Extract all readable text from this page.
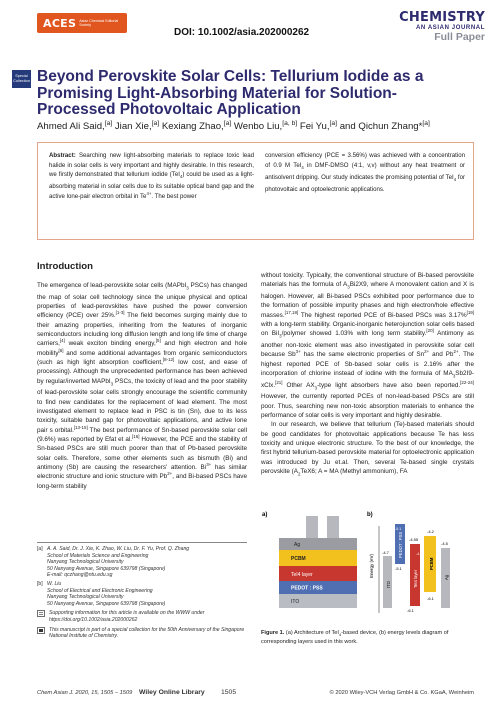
ACES Asian Chemical Editorial Society
DOI: 10.1002/asia.202000262
CHEMISTRY
AN ASIAN JOURNAL
Full Paper
Special Collection Beyond Perovskite Solar Cells: Tellurium Iodide as a Promising Light-Absorbing Material for Solution-Processed Photovoltaic Application
Ahmed Ali Said,[a] Jian Xie,[a] Kexiang Zhao,[a] Wenbo Liu,[a, b] Fei Yu,[a] and Qichun Zhang*[a]
Abstract: Searching new light-absorbing materials to replace toxic lead halide in solar cells is very important and highly desirable. In this research, we firstly demonstrated that tellurium iodide (TeI$_4$) could be used as a light-absorbing material in solar cells due to its suitable optical band gap and the active lone-pair electron orbital in $Te^{4+}$. The best power
conversion efficiency (PCE = 3.56%) was achieved with a concentration of 0.9 M TeI$_4$ in DMF-DMSO (4:1, v,v) without any heat treatment or antisolvent dripping. Our study indicates the promising potential of TeI$_4$ for photovoltaic and optoelectronic applications.
Introduction
The emergence of lead-perovskite solar cells (MAPbI$_3$ PSCs) has changed the map of solar cell technology since the unique physical and optical properties of lead-perovskites have pushed the power conversion efficiency (PCE) over 25%.[1-3] The field becomes surging mainly due to their amazing properties, inheriting from the features of inorganic semiconductors including long diffusion length and long life time of charge carriers,[4] weak exciton binding energy,[5] and high electron and hole mobility[6] and some additional advantages from organic semiconductors (such as high light absorption coefficient,[8-12] low cost, and ease of processing). Although the unprecedented performance has been achieved by regular/inverted MAPbI$_3$ PSCs, the toxicity of lead and the poor stability of lead-perovskite solar cells strongly encourage the scientific community to find new candidates for the replacement of lead element. The most investigated element to replace lead in PSC is tin (Sn), due to its less toxicity, suitable band gap for photovoltaic applications, and active lone pair s orbital.[13-15] The best performance of Sn-based perovskite solar cell (9.6%) was reported by Efat et al.[16] However, the PCE and the stability of Sn-based PSCs are still much poorer than that of Pb-based perovskite solar cells. Therefore, some other elements such as bismuth (Bi) and antimony (Sb) are causing the researchers' attention. $Bi^{3+}$ has similar electronic structure and ionic structure with $Pb^{2+}$, and Bi-based PSCs have long-term stability
without toxicity. Typically, the conventional structure of Bi-based perovskite materials has the formula of $A_3Bi2X9$, where A monovalent cation and X is halogen. However, all Bi-based PSCs exhibited poor performance due to the formation of possible impurity phases and high electron/hole effective masses.[17,18] The highest reported PCE of Bi-based PSCs was 3.17%[19] with a long-term stability. Organic-inorganic heterojunction solar cells based on BiI$_3$/polymer showed 1.03% with long term stability.[20] Antimony as another non-toxic element was also investigated in perovskite solar cell because $Sb^{3+}$ has the same electronic properties of $Sn^{2+}$ and $Pb^{2+}$. The highest reported PCE of Sb-based solar cells is 2.16% after the incorporation of chlorine instead of iodine with the formula of $MA_3Sb2I9-xClx.[21]$ Other $AX_3$-type light absorbers have also been reported.[22-24] However, the currently reported PCEs of non-lead-based PSCs are still poor. Thus, searching new non-toxic absorption materials to enhance the performance of solar cells is very important and highly desirable.
In our research, we believe that tellurium (Te)-based materials should be good candidates for photovoltaic applications because Te has less toxicity and unique electronic structure. To the best of our knowledge, the first hybrid tellurium-based perovskite material for optoelectronic application was introduced by Ju et.al. Then, several Te-based single crystals perovskite ($A_2TeX6$; A = MA (Methyl ammonium), FA
[a] A. A. Said, Dr. J. Xie, K. Zhao, W. Liu, Dr. F. Yu, Prof. Q. Zhang
School of Materials Science and Engineering
Nanyang Technological University
50 Nanyang Avenue, Singapore 639798 (Singapore)
E-mail: qczhang@ntu.edu.sg
[b] W. Liu
School of Electrical and Electronic Engineering
Nanyang Technological University
50 Nanyang Avenue, Singapore 639798 (Singapore)
Supporting information for this article is available on the WWW under https://doi.org/10.1002/asia.202000262
This manuscript is part of a special collection for the 50th Anniversary of the Singapore National Institute of Chemistry.
a)
Ag
PCBM
TeI4 layer
PEDOT : PSS
ITO
b)
Energy (eV)
ITO
-4.7 PEDOT : PSS
-5.1
TeI4 layer
-4.55
-6.1
PCBM
-4.2
-6.1
-4.39
-5.1
Ag
-4.5
Figure 1. (a) Architecture of TeI$_4$-based device, (b) energy levels diagram of corresponding layers used in this work.
Chem Asian J. 2020, 15, 1505 – 1509 Wiley Online Library 1505	© 2020 Wiley-VCH Verlag GmbH & Co. KGaA, Weinheim
